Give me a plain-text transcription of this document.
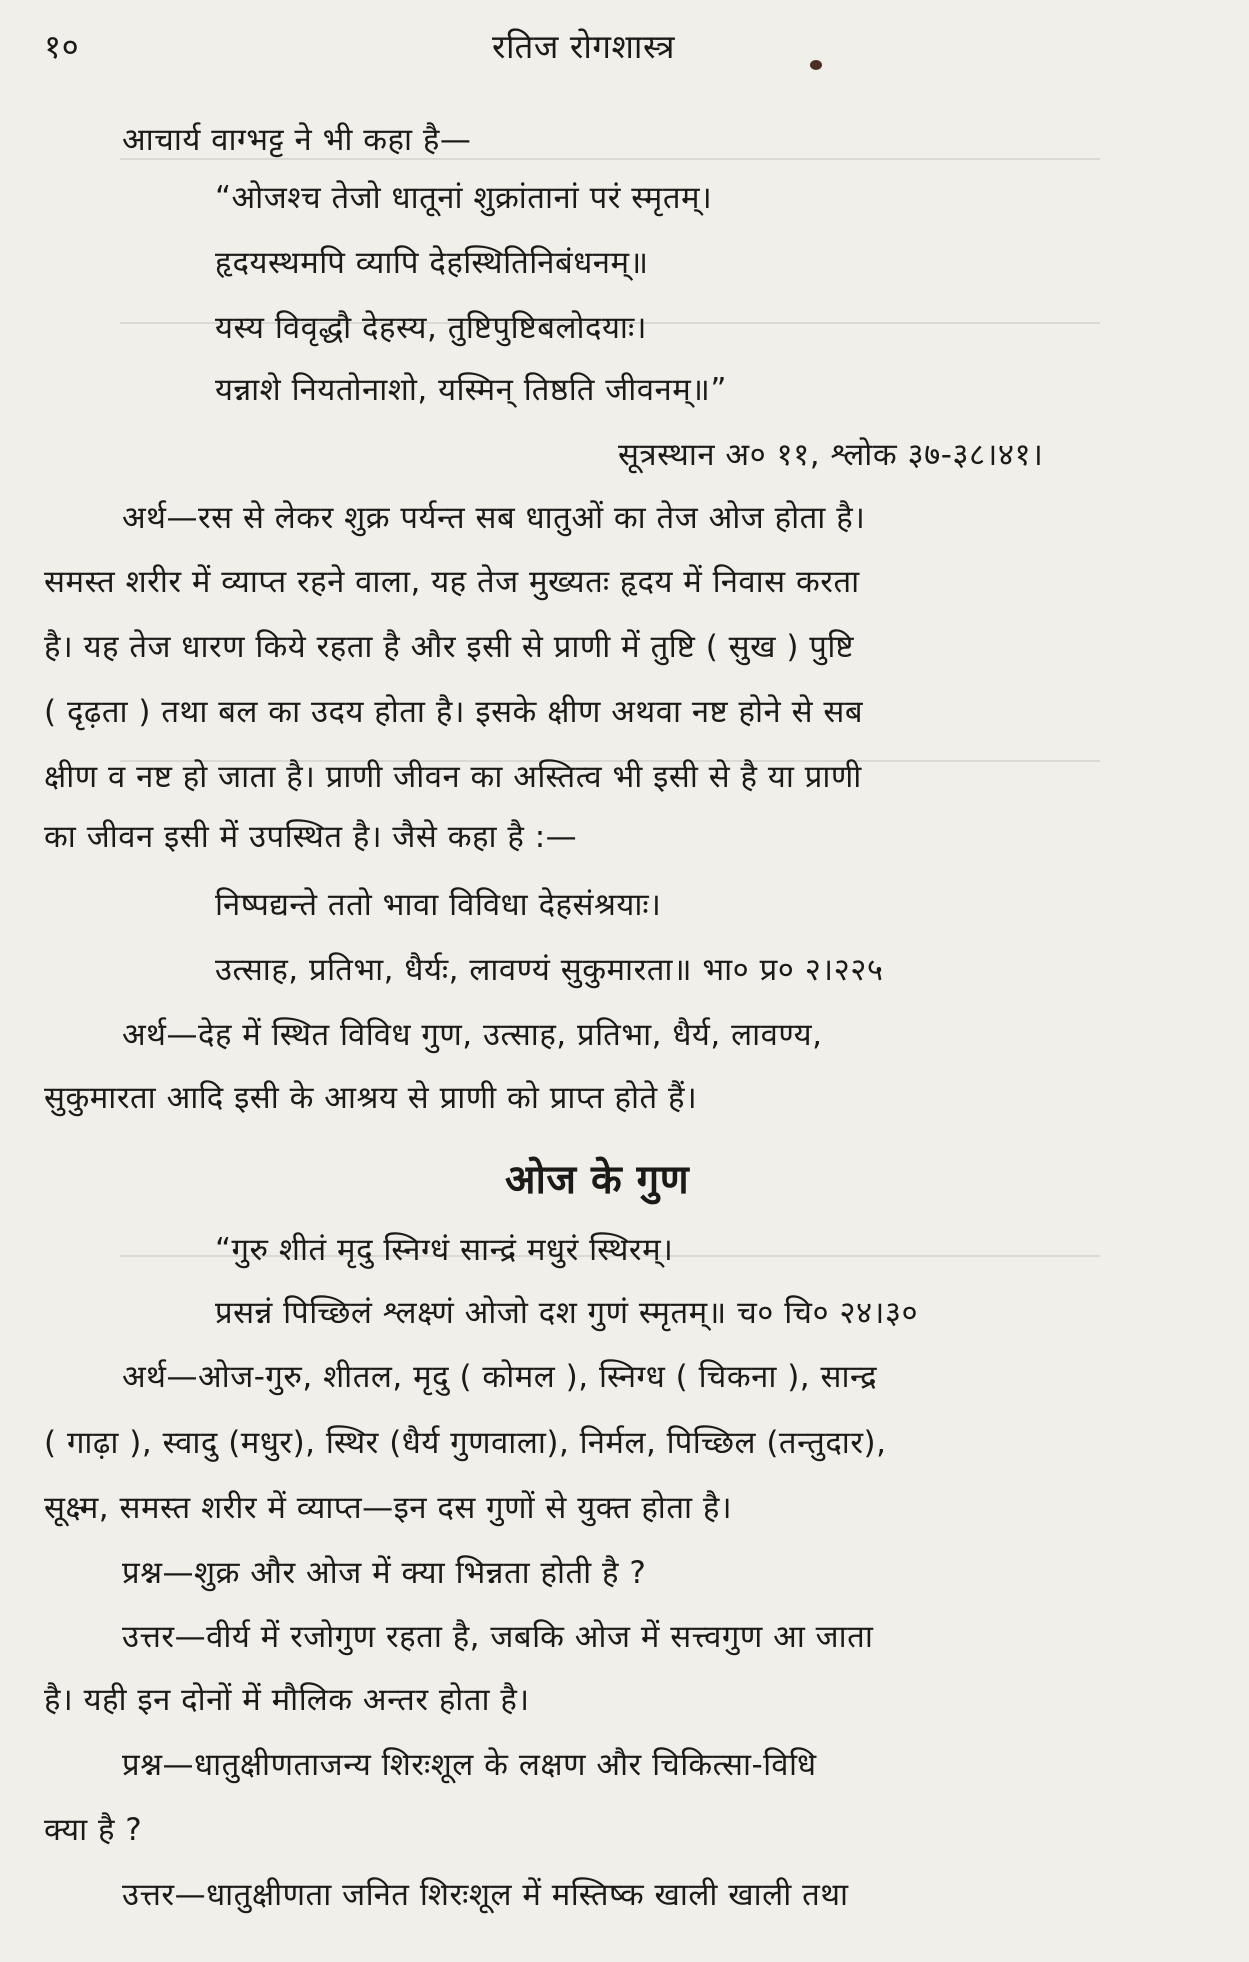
१०	रतिज रोगशास्त्र
आचार्य वाग्भट्ट ने भी कहा है—
“ओजश्च तेजो धातूनां शुक्रांतानां परं स्मृतम्।
हृदयस्थमपि व्यापि देहस्थितिनिबंधनम्॥
यस्य विवृद्धौ देहस्य, तुष्टिपुष्टिबलोदयाः।
यन्नाशे नियतोनाशो, यस्मिन् तिष्ठति जीवनम्॥”
सूत्रस्थान अ० ११, श्लोक ३७-३८।४१।
अर्थ—रस से लेकर शुक्र पर्यन्त सब धातुओं का तेज ओज होता है।
समस्त शरीर में व्याप्त रहने वाला, यह तेज मुख्यतः हृदय में निवास करता
है। यह तेज धारण किये रहता है और इसी से प्राणी में तुष्टि ( सुख ) पुष्टि
( दृढ़ता ) तथा बल का उदय होता है। इसके क्षीण अथवा नष्ट होने से सब
क्षीण व नष्ट हो जाता है। प्राणी जीवन का अस्तित्व भी इसी से है या प्राणी
का जीवन इसी में उपस्थित है। जैसे कहा है :—
निष्पद्यन्ते ततो भावा विविधा देहसंश्रयाः।
उत्साह, प्रतिभा, धैर्यः, लावण्यं सुकुमारता॥ भा० प्र० २।२२५
अर्थ—देह में स्थित विविध गुण, उत्साह, प्रतिभा, धैर्य, लावण्य,
सुकुमारता आदि इसी के आश्रय से प्राणी को प्राप्त होते हैं।
ओज के गुण
“गुरु शीतं मृदु स्निग्धं सान्द्रं मधुरं स्थिरम्।
प्रसन्नं पिच्छिलं श्लक्ष्णं ओजो दश गुणं स्मृतम्॥ च० चि० २४।३०
अर्थ—ओज-गुरु, शीतल, मृदु ( कोमल ), स्निग्ध ( चिकना ), सान्द्र
( गाढ़ा ), स्वादु (मधुर), स्थिर (धैर्य गुणवाला), निर्मल, पिच्छिल (तन्तुदार),
सूक्ष्म, समस्त शरीर में व्याप्त—इन दस गुणों से युक्त होता है।
प्रश्न—शुक्र और ओज में क्या भिन्नता होती है ?
उत्तर—वीर्य में रजोगुण रहता है, जबकि ओज में सत्त्वगुण आ जाता
है। यही इन दोनों में मौलिक अन्तर होता है।
प्रश्न—धातुक्षीणताजन्य शिरःशूल के लक्षण और चिकित्सा-विधि
क्या है ?
उत्तर—धातुक्षीणता जनित शिरःशूल में मस्तिष्क खाली खाली तथा
